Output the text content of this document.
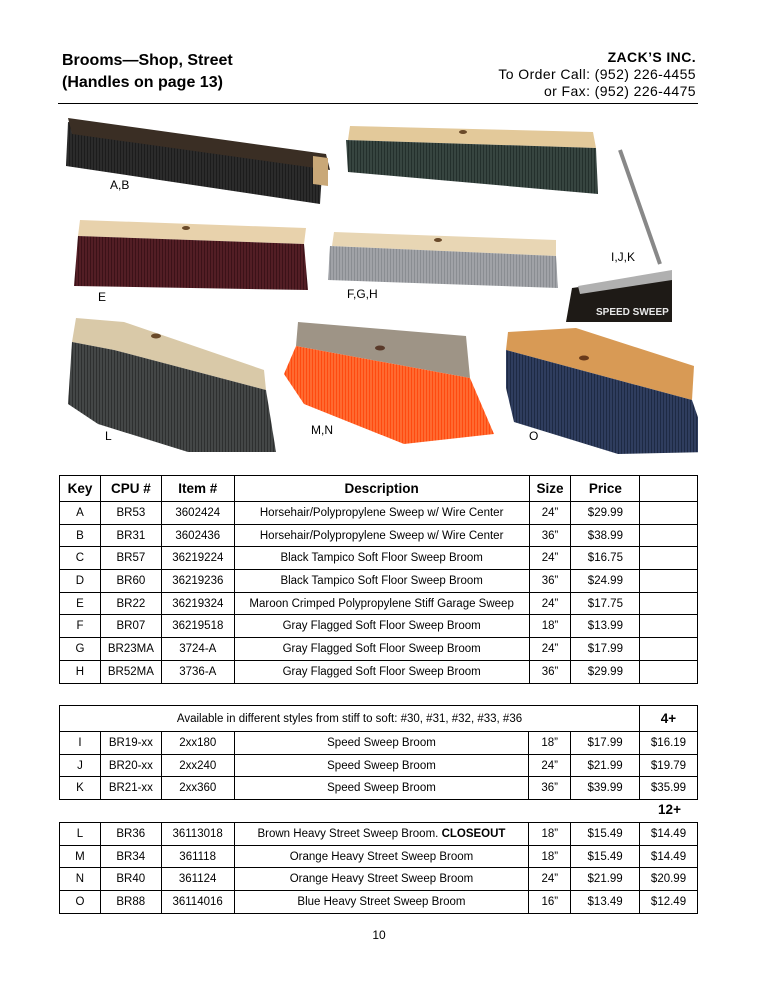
Brooms—Shop, Street
(Handles on page 13)
ZACK’S INC.
To Order Call: (952) 226-4455
or Fax: (952) 226-4475
SPEED SWEEP
A,B
E	F,G,H
I,J,K
L	M,N	O
Key	CPU #	Item #	Description	Size	Price	
A	BR53	3602424	Horsehair/Polypropylene Sweep w/ Wire Center	24”	$29.99	
B	BR31	3602436	Horsehair/Polypropylene Sweep w/ Wire Center	36”	$38.99	
C	BR57	36219224	Black Tampico Soft Floor Sweep Broom	24”	$16.75	
D	BR60	36219236	Black Tampico Soft Floor Sweep Broom	36”	$24.99	
E	BR22	36219324	Maroon Crimped Polypropylene Stiff Garage Sweep	24”	$17.75	
F	BR07	36219518	Gray Flagged Soft Floor Sweep Broom	18”	$13.99	
G	BR23MA	3724-A	Gray Flagged Soft Floor Sweep Broom	24”	$17.99	
H	BR52MA	3736-A	Gray Flagged Soft Floor Sweep Broom	36”	$29.99	
Available in different styles from stiff to soft: #30, #31, #32, #33, #36						4+
I	BR19-xx	2xx180	Speed Sweep Broom	18”	$17.99	$16.19
J	BR20-xx	2xx240	Speed Sweep Broom	24”	$21.99	$19.79
K	BR21-xx	2xx360	Speed Sweep Broom	36”	$39.99	$35.99
12+
L	BR36	36113018	Brown Heavy Street Sweep Broom. CLOSEOUT	18”	$15.49	$14.49
M	BR34	361118	Orange Heavy Street Sweep Broom	18”	$15.49	$14.49
N	BR40	361124	Orange Heavy Street Sweep Broom	24”	$21.99	$20.99
O	BR88	36114016	Blue Heavy Street Sweep Broom	16”	$13.49	$12.49
10
